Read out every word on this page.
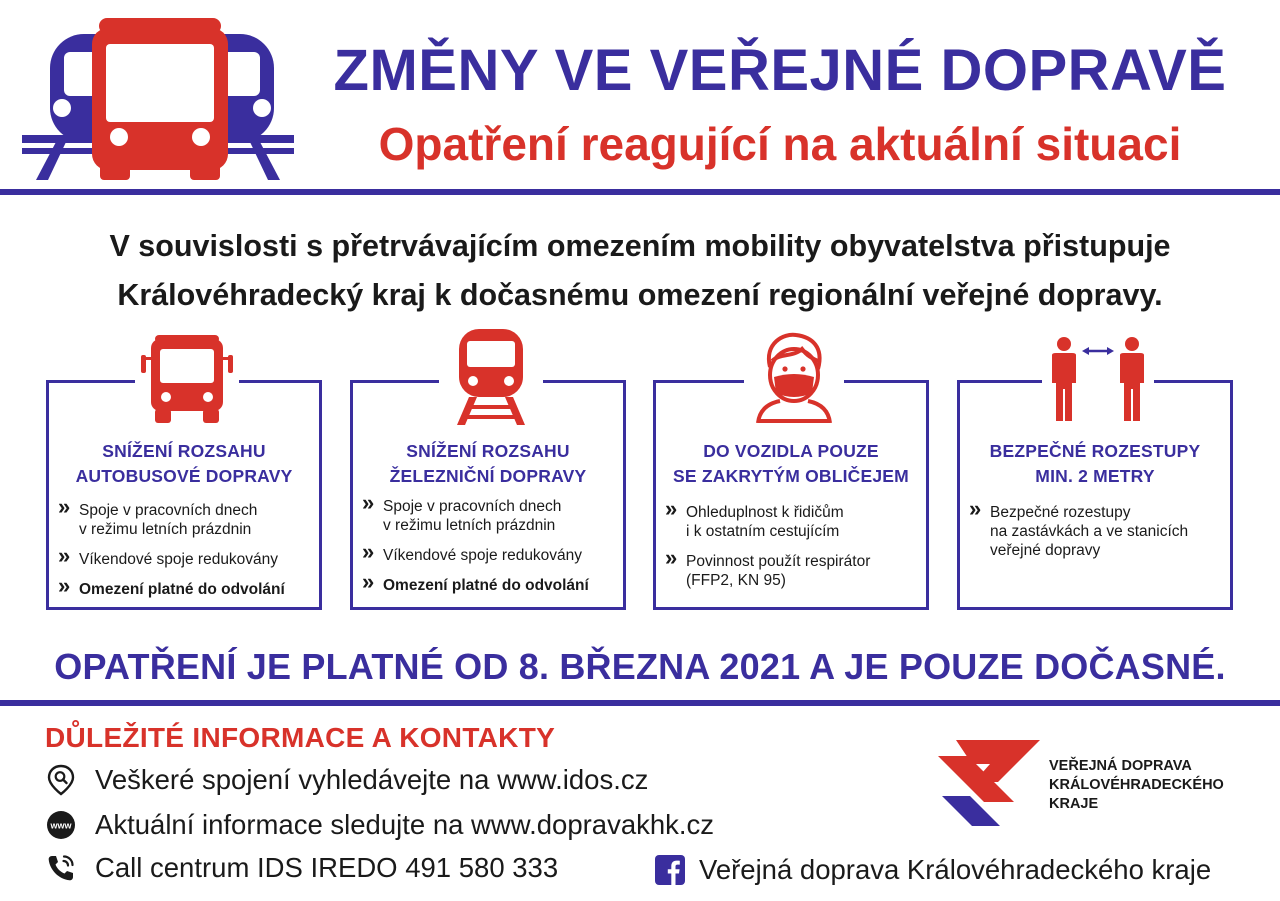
ZMĚNY VE VEŘEJNÉ DOPRAVĚ
Opatření reagující na aktuální situaci
V souvislosti s přetrvávajícím omezením mobility obyvatelstva přistupuje
Královéhradecký kraj k dočasnému omezení regionální veřejné dopravy.
SNÍŽENÍ ROZSAHU
AUTOBUSOVÉ DOPRAVY
» Spoje v pracovních dnech
v režimu letních prázdnin
» Víkendové spoje redukovány
» Omezení platné do odvolání
SNÍŽENÍ ROZSAHU
ŽELEZNIČNÍ DOPRAVY
» Spoje v pracovních dnech
v režimu letních prázdnin
» Víkendové spoje redukovány
» Omezení platné do odvolání
DO VOZIDLA POUZE
SE ZAKRYTÝM OBLIČEJEM
» Ohleduplnost k řidičům
i k ostatním cestujícím
» Povinnost použít respirátor
(FFP2, KN 95)
BEZPEČNÉ ROZESTUPY
MIN. 2 METRY
» Bezpečné rozestupy
na zastávkách a ve stanicích
veřejné dopravy
OPATŘENÍ JE PLATNÉ OD 8. BŘEZNA 2021 A JE POUZE DOČASNÉ.
DŮLEŽITÉ INFORMACE A KONTAKTY
Veškeré spojení vyhledávejte na www.idos.cz
www Aktuální informace sledujte na www.dopravakhk.cz
Call centrum IDS IREDO 491 580 333
VEŘEJNÁ DOPRAVA
KRÁLOVÉHRADECKÉHO
KRAJE
Veřejná doprava Královéhradeckého kraje
